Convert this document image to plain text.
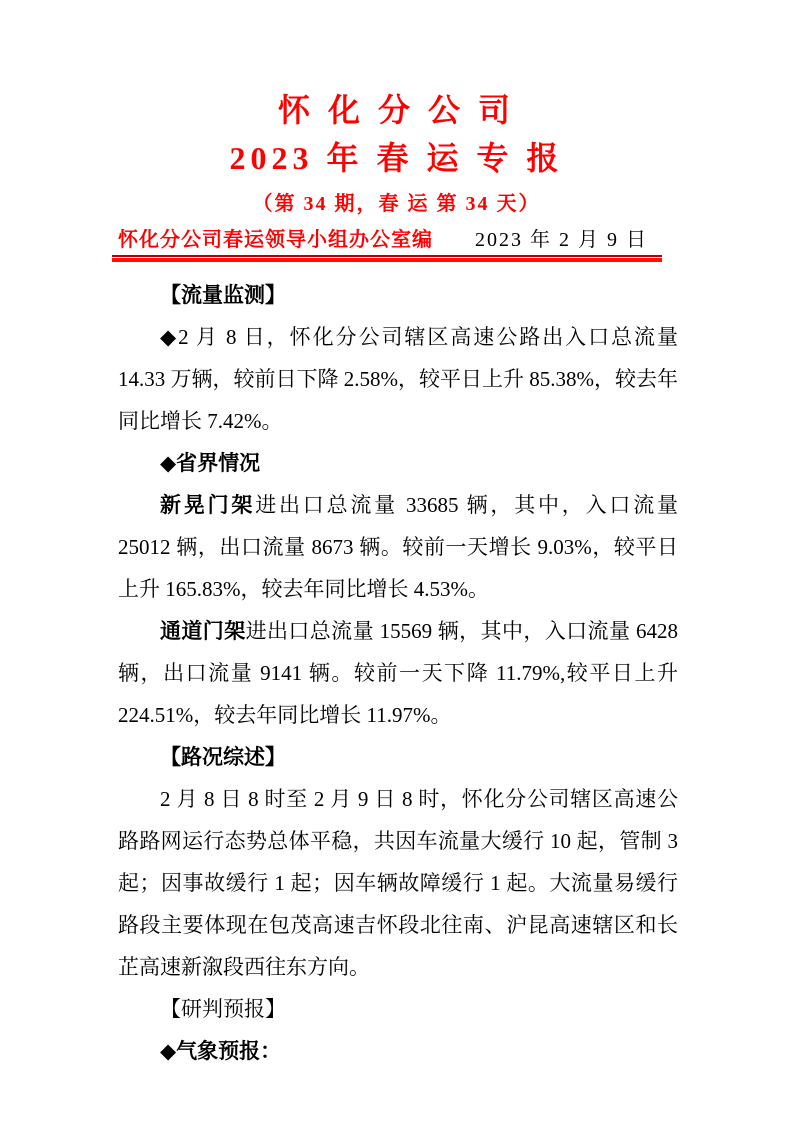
怀 化 分 公 司
2023 年 春 运 专 报
（第 34 期，春 运 第 34 天）
怀化分公司春运领导小组办公室编 2023 年 2 月 9 日

【流量监测】

◆2 月 8 日，怀化分公司辖区高速公路出入口总流量 14.33 万辆，较前日下降 2.58%，较平日上升 85.38%，较去年同比增长 7.42%。

◆省界情况

新晃门架进出口总流量 33685 辆，其中，入口流量 25012 辆，出口流量 8673 辆。较前一天增长 9.03%，较平日上升 165.83%，较去年同比增长 4.53%。

通道门架进出口总流量 15569 辆，其中，入口流量 6428 辆，出口流量 9141 辆。较前一天下降 11.79%,较平日上升 224.51%，较去年同比增长 11.97%。

【路况综述】

2 月 8 日 8 时至 2 月 9 日 8 时，怀化分公司辖区高速公路路网运行态势总体平稳，共因车流量大缓行 10 起，管制 3 起；因事故缓行 1 起；因车辆故障缓行 1 起。大流量易缓行路段主要体现在包茂高速吉怀段北往南、沪昆高速辖区和长芷高速新溆段西往东方向。

【研判预报】

◆气象预报：
